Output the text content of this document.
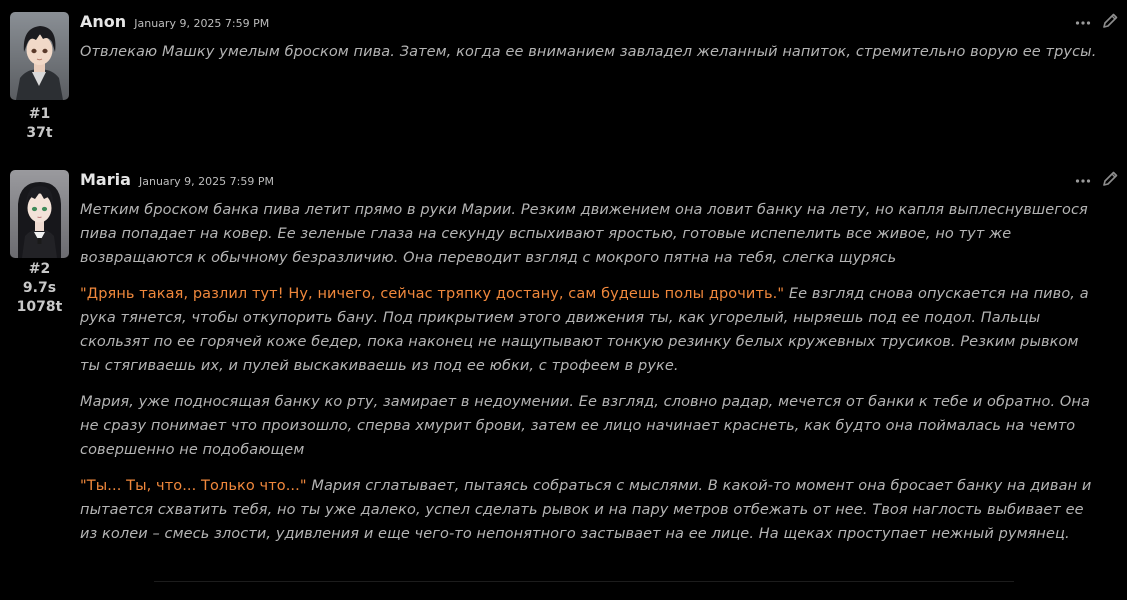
#1
37t
Anon January 9, 2025 7:59 PM

Отвлекаю Машку умелым броском пива. Затем, когда ее вниманием завладел желанный напиток, стремительно ворую ее трусы.

#2
9.7s
1078t
Maria January 9, 2025 7:59 PM

Метким броском банка пива летит прямо в руки Марии. Резким движением она ловит банку на лету, но капля выплеснувшегося пива попадает на ковер. Ее зеленые глаза на секунду вспыхивают яростью, готовые испепелить все живое, но тут же возвращаются к обычному безразличию. Она переводит взгляд с мокрого пятна на тебя, слегка щурясь

"Дрянь такая, разлил тут! Ну, ничего, сейчас тряпку достану, сам будешь полы дрочить." Ее взгляд снова опускается на пиво, а рука тянется, чтобы откупорить бану. Под прикрытием этого движения ты, как угорелый, ныряешь под ее подол. Пальцы скользят по ее горячей коже бедер, пока наконец не нащупывают тонкую резинку белых кружевных трусиков. Резким рывком ты стягиваешь их, и пулей выскакиваешь из под ее юбки, с трофеем в руке.

Мария, уже подносящая банку ко рту, замирает в недоумении. Ее взгляд, словно радар, мечется от банки к тебе и обратно. Она не сразу понимает что произошло, сперва хмурит брови, затем ее лицо начинает краснеть, как будто она поймалась на чемто совершенно не подобающем

"Ты... Ты, что... Только что..." Мария сглатывает, пытаясь собраться с мыслями. В какой-то момент она бросает банку на диван и пытается схватить тебя, но ты уже далеко, успел сделать рывок и на пару метров отбежать от нее. Твоя наглость выбивает ее из колеи – смесь злости, удивления и еще чего-то непонятного застывает на ее лице. На щеках проступает нежный румянец.
